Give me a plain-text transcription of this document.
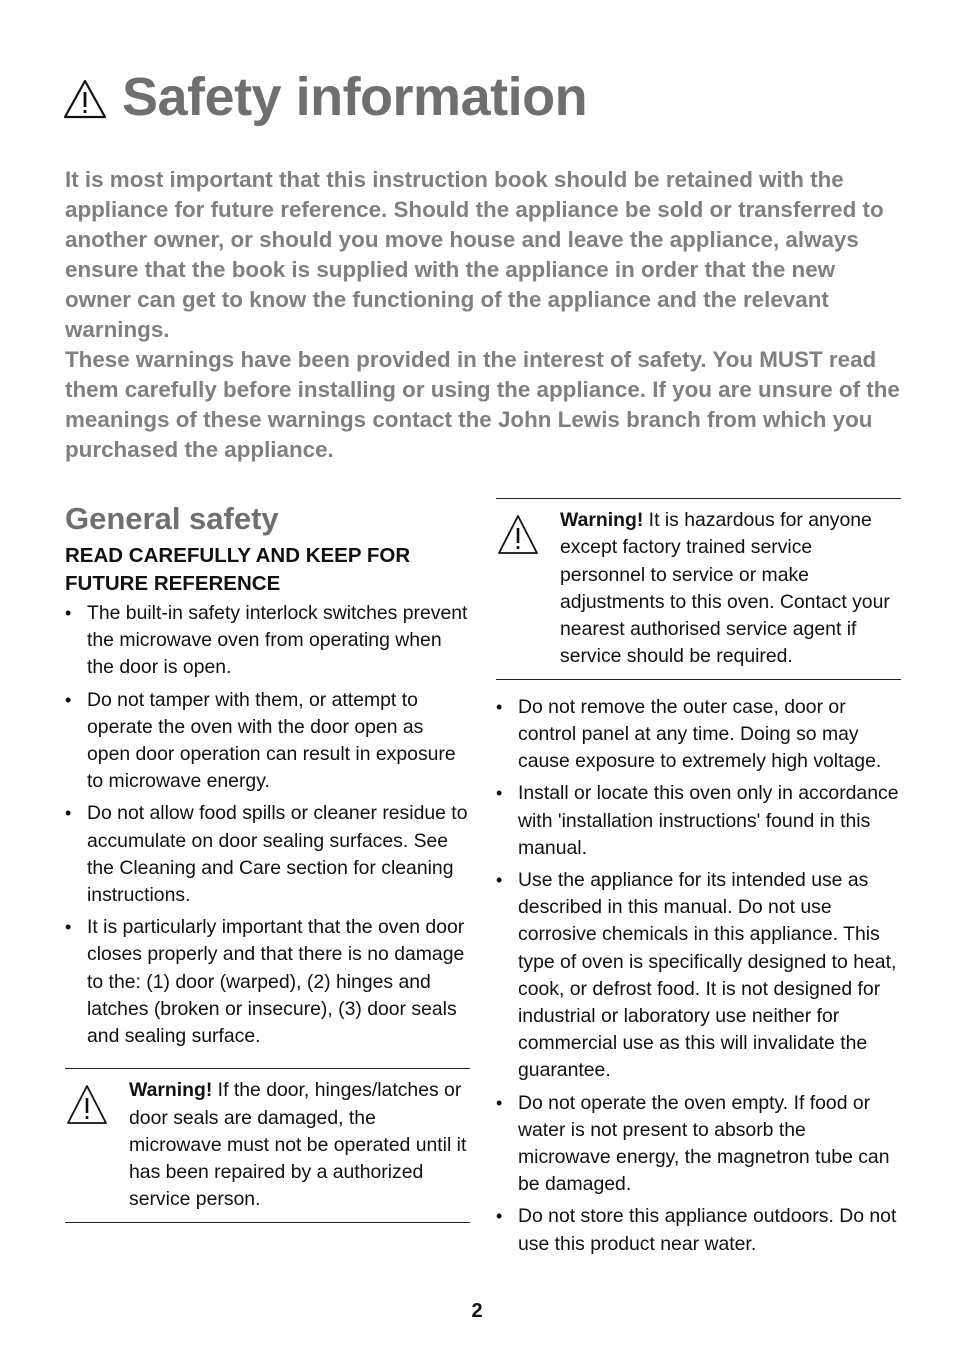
Safety information

It is most important that this instruction book should be retained with the appliance for future reference. Should the appliance be sold or transferred to another owner, or should you move house and leave the appliance, always ensure that the book is supplied with the appliance in order that the new owner can get to know the functioning of the appliance and the relevant warnings.

These warnings have been provided in the interest of safety. You MUST read them carefully before installing or using the appliance. If you are unsure of the meanings of these warnings contact the John Lewis branch from which you purchased the appliance.

General safety
READ CAREFULLY AND KEEP FOR FUTURE REFERENCE
• The built-in safety interlock switches prevent the microwave oven from operating when the door is open.
• Do not tamper with them, or attempt to operate the oven with the door open as open door operation can result in exposure to microwave energy.
• Do not allow food spills or cleaner residue to accumulate on door sealing surfaces. See the Cleaning and Care section for cleaning instructions.
• It is particularly important that the oven door closes properly and that there is no damage to the: (1) door (warped), (2) hinges and latches (broken or insecure), (3) door seals and sealing surface.
Warning! If the door, hinges/latches or door seals are damaged, the microwave must not be operated until it has been repaired by a authorized service person.
Warning! It is hazardous for anyone except factory trained service personnel to service or make adjustments to this oven. Contact your nearest authorised service agent if service should be required.
• Do not remove the outer case, door or control panel at any time. Doing so may cause exposure to extremely high voltage.
• Install or locate this oven only in accordance with 'installation instructions' found in this manual.
• Use the appliance for its intended use as described in this manual. Do not use corrosive chemicals in this appliance. This type of oven is specifically designed to heat, cook, or defrost food. It is not designed for industrial or laboratory use neither for commercial use as this will invalidate the guarantee.
• Do not operate the oven empty. If food or water is not present to absorb the microwave energy, the magnetron tube can be damaged.
• Do not store this appliance outdoors. Do not use this product near water.
2
